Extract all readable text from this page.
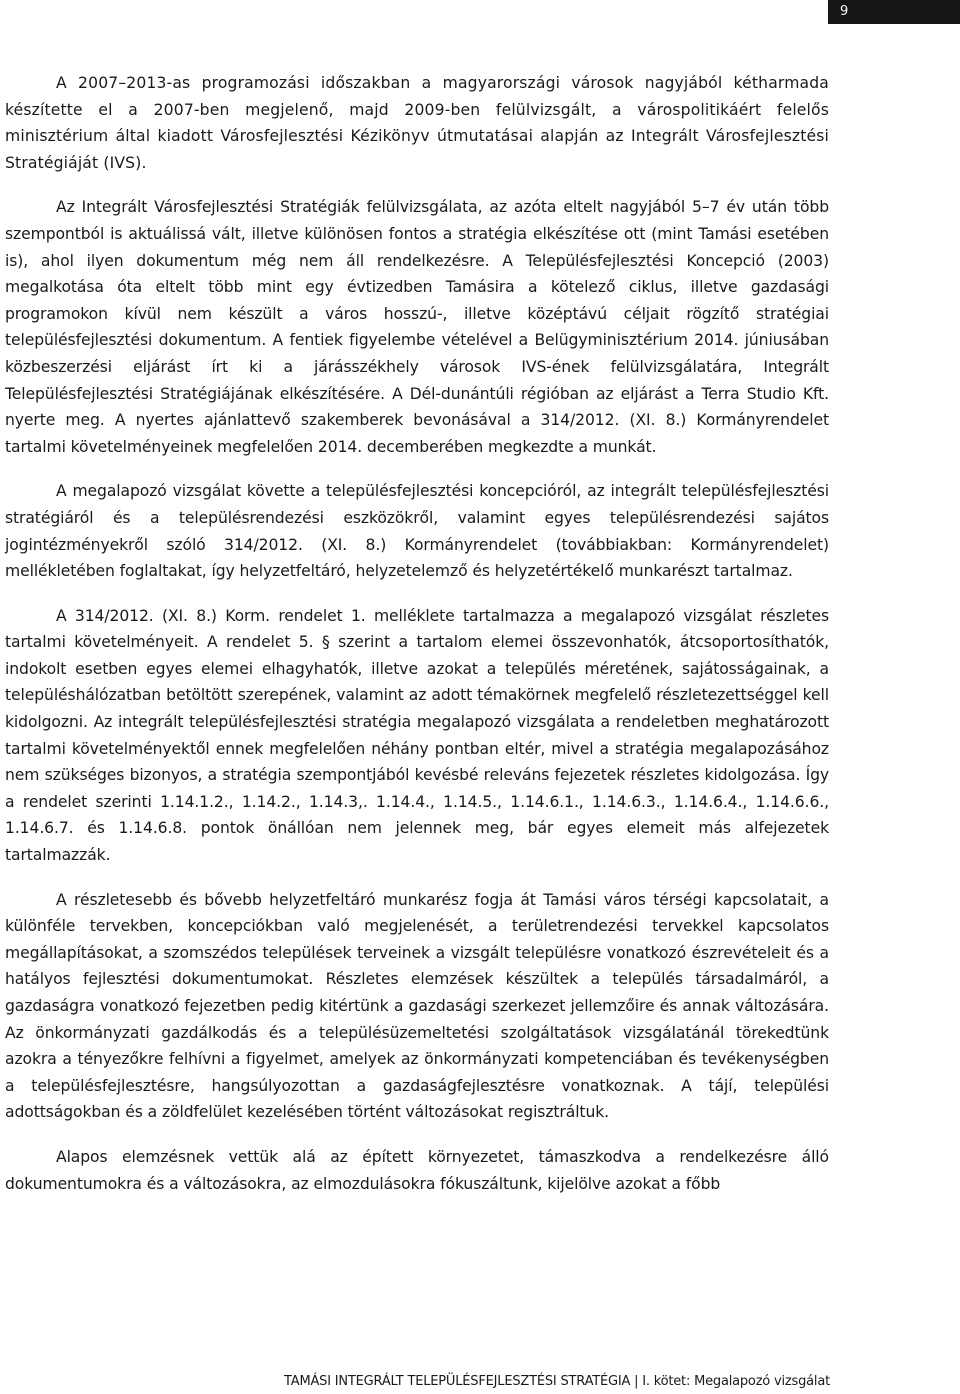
9

A 2007–2013-as programozási időszakban a magyarországi városok nagyjából kétharmada készítette el a 2007-ben megjelenő, majd 2009-ben felülvizsgált, a várospolitikáért felelős minisztérium által kiadott Városfejlesztési Kézikönyv útmutatásai alapján az Integrált Városfejlesztési Stratégiáját (IVS).

Az Integrált Városfejlesztési Stratégiák felülvizsgálata, az azóta eltelt nagyjából 5–7 év után több szempontból is aktuálissá vált, illetve különösen fontos a stratégia elkészítése ott (mint Tamási esetében is), ahol ilyen dokumentum még nem áll rendelkezésre. A Településfejlesztési Koncepció (2003) megalkotása óta eltelt több mint egy évtizedben Tamásira a kötelező ciklus, illetve gazdasági programokon kívül nem készült a város hosszú-, illetve középtávú céljait rögzítő stratégiai településfejlesztési dokumentum. A fentiek figyelembe vételével a Belügyminisztérium 2014. júniusában közbeszerzési eljárást írt ki a járásszékhely városok IVS-ének felülvizsgálatára, Integrált Településfejlesztési Stratégiájának elkészítésére. A Dél-dunántúli régióban az eljárást a Terra Studio Kft. nyerte meg. A nyertes ajánlattevő szakemberek bevonásával a 314/2012. (XI. 8.) Kormányrendelet tartalmi követelményeinek megfelelően 2014. decemberében megkezdte a munkát.

A megalapozó vizsgálat követte a településfejlesztési koncepcióról, az integrált településfejlesztési stratégiáról és a településrendezési eszközökről, valamint egyes településrendezési sajátos jogintézményekről szóló 314/2012. (XI. 8.) Kormányrendelet (továbbiakban: Kormányrendelet) mellékletében foglaltakat, így helyzetfeltáró, helyzetelemző és helyzetértékelő munkarészt tartalmaz.

A 314/2012. (XI. 8.) Korm. rendelet 1. melléklete tartalmazza a megalapozó vizsgálat részletes tartalmi követelményeit. A rendelet 5. § szerint a tartalom elemei összevonhatók, átcsoportosíthatók, indokolt esetben egyes elemei elhagyhatók, illetve azokat a település méretének, sajátosságainak, a településhálózatban betöltött szerepének, valamint az adott témakörnek megfelelő részletezettséggel kell kidolgozni. Az integrált településfejlesztési stratégia megalapozó vizsgálata a rendeletben meghatározott tartalmi követelményektől ennek megfelelően néhány pontban eltér, mivel a stratégia megalapozásához nem szükséges bizonyos, a stratégia szempontjából kevésbé releváns fejezetek részletes kidolgozása. Így a rendelet szerinti 1.14.1.2., 1.14.2., 1.14.3,. 1.14.4., 1.14.5., 1.14.6.1., 1.14.6.3., 1.14.6.4., 1.14.6.6., 1.14.6.7. és 1.14.6.8. pontok önállóan nem jelennek meg, bár egyes elemeit más alfejezetek tartalmazzák.

A részletesebb és bővebb helyzetfeltáró munkarész fogja át Tamási város térségi kapcsolatait, a különféle tervekben, koncepciókban való megjelenését, a területrendezési tervekkel kapcsolatos megállapításokat, a szomszédos települések terveinek a vizsgált településre vonatkozó észrevételeit és a hatályos fejlesztési dokumentumokat. Részletes elemzések készültek a település társadalmáról, a gazdaságra vonatkozó fejezetben pedig kitértünk a gazdasági szerkezet jellemzőire és annak változására. Az önkormányzati gazdálkodás és a településüzemeltetési szolgáltatások vizsgálatánál törekedtünk azokra a tényezőkre felhívni a figyelmet, amelyek az önkormányzati kompetenciában és tevékenységben a településfejlesztésre, hangsúlyozottan a gazdaságfejlesztésre vonatkoznak. A tájí, települési adottságokban és a zöldfelület kezelésében történt változásokat regisztráltuk.

Alapos elemzésnek vettük alá az épített környezetet, támaszkodva a rendelkezésre álló dokumentumokra és a változásokra, az elmozdulásokra fókuszáltunk, kijelölve azokat a főbb

TAMÁSI INTEGRÁLT TELEPÜLÉSFEJLESZTÉSI STRATÉGIA | I. kötet: Megalapozó vizsgálat
